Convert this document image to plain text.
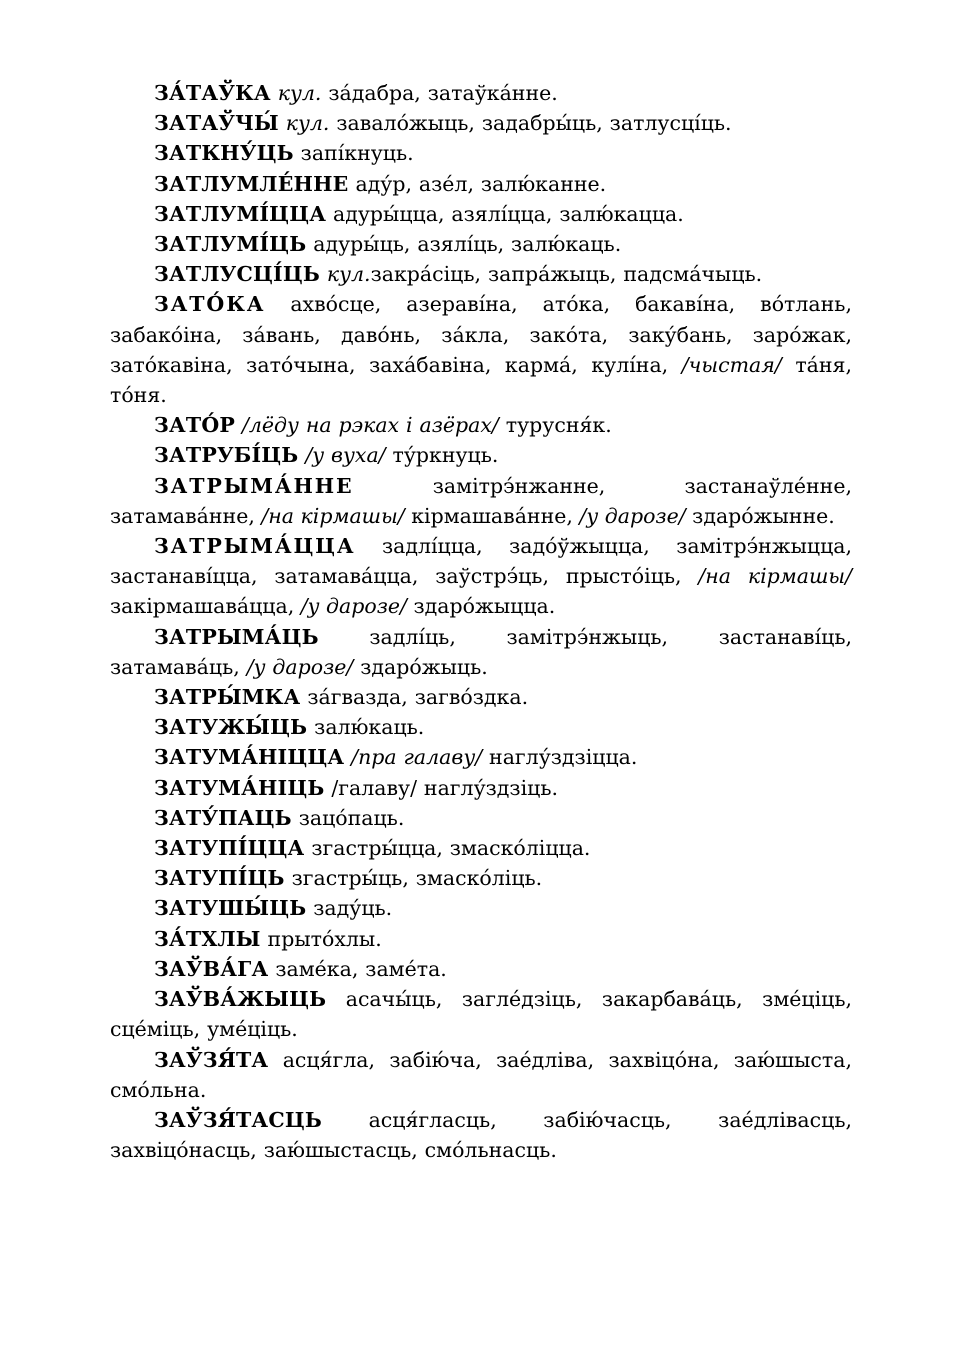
ЗА́ТАЎКА кул. за́дабра, затаўка́нне.

ЗАТАЎЧЫ́ кул. завало́жыць, задабры́ць, затлусці́ць.

ЗАТКНУ́ЦЬ запі́кнуць.

ЗАТЛУМЛЕ́ННЕ аду́р, азе́л, залю́канне.

ЗАТЛУМІ́ЦЦА адуры́цца, азялі́цца, залю́кацца.

ЗАТЛУМІ́ЦЬ адуры́ць, азялі́ць, залю́каць.

ЗАТЛУСЦІ́ЦЬ кул.закра́сіць, запра́жыць, падсма́чыць.

ЗАТО́КА ахво́сце, азеравíна, ато́ка, бакавíна, во́тлань, забако́іна, за́вань, даво́нь, за́кла, зако́та, заку́бань, заро́жак, зато́кавіна, зато́чына, заха́бавіна, карма́, кулíна, /чыстая/ та́ня, то́ня.

ЗАТО́Р /лёду на рэках і азёрах/ турусня́к.

ЗАТРУБІ́ЦЬ /у вуха/ ту́ркнуць.

ЗАТРЫМА́ННЕ	замітрэ́нжанне, застанаўле́нне, затамава́нне, /на кірмашы/ кірмашава́нне, /у дарозе/ здаро́жынне.

ЗАТРЫМА́ЦЦА задлі́цца, задо́ўжыцца, замітрэ́нжыцца, застанаві́цца, затамава́цца, заўстрэ́ць, прысто́іць, /на кірмашы/ закірмашава́цца, /у дарозе/ здаро́жыцца.

ЗАТРЫМА́ЦЬ задлі́ць, замітрэ́нжыць, застанаві́ць, затамава́ць, /у дарозе/ здаро́жыць.

ЗАТРЫ́МКА за́гвазда, загво́здка.

ЗАТУЖЫ́ЦЬ залю́каць.

ЗАТУМА́НІЦЦА /пра галаву/ наглу́здзіцца.

ЗАТУМА́НІЦЬ /галаву/ наглу́здзіць.

ЗАТУ́ПАЦЬ зацо́паць.

ЗАТУПІ́ЦЦА згастры́цца, змаско́ліцца.

ЗАТУПІ́ЦЬ згастры́ць, змаско́ліць.

ЗАТУШЫ́ЦЬ заду́ць.

ЗА́ТХЛЫ прыто́хлы.

ЗАЎВА́ГА заме́ка, заме́та.

ЗАЎВА́ЖЫЦЬ асачы́ць, загле́дзіць, закарбава́ць, зме́ціць, сце́міць, уме́ціць.

ЗАЎЗЯ́ТА асця́гла, забію́ча, зае́дліва, захвіцо́на, заю́шыста, смо́льна.

ЗАЎЗЯ́ТАСЦЬ асця́гласць, забію́часць, зае́длівасць, захвіцо́насць, заю́шыстасць, смо́льнасць.
